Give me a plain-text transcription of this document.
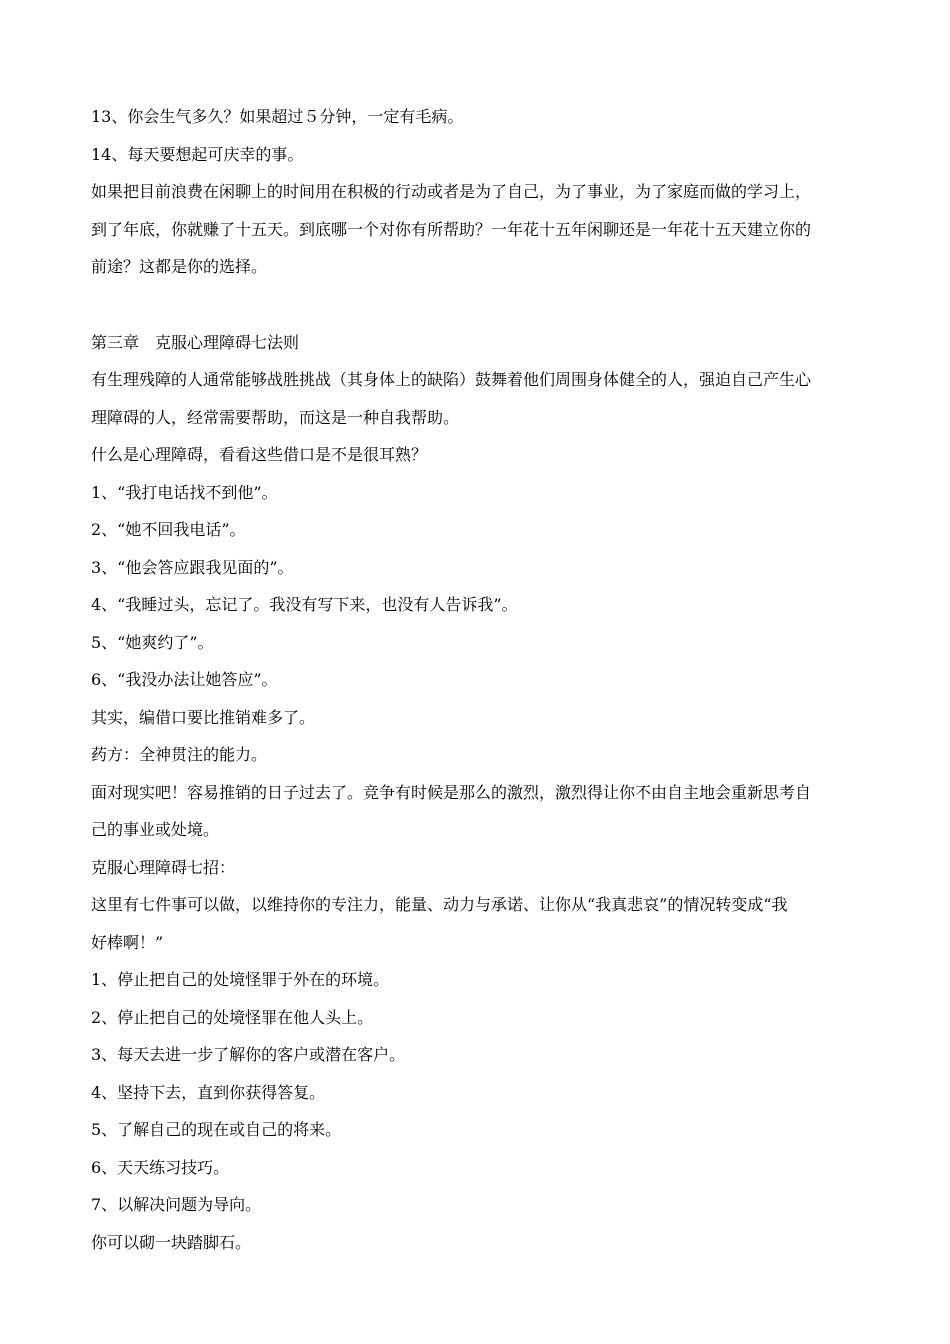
13、你会生气多久？如果超过５分钟，一定有毛病。
14、每天要想起可庆幸的事。
如果把目前浪费在闲聊上的时间用在积极的行动或者是为了自己，为了事业，为了家庭而做的学习上，
到了年底，你就赚了十五天。到底哪一个对你有所帮助？一年花十五年闲聊还是一年花十五天建立你的
前途？这都是你的选择。
第三章　克服心理障碍七法则
有生理残障的人通常能够战胜挑战（其身体上的缺陷）鼓舞着他们周围身体健全的人，强迫自己产生心
理障碍的人，经常需要帮助，而这是一种自我帮助。
什么是心理障碍，看看这些借口是不是很耳熟？
1、“我打电话找不到他”。
2、“她不回我电话”。
3、“他会答应跟我见面的”。
4、“我睡过头，忘记了。我没有写下来，也没有人告诉我”。
5、“她爽约了”。
6、“我没办法让她答应”。
其实，编借口要比推销难多了。
药方：全神贯注的能力。
面对现实吧！容易推销的日子过去了。竞争有时候是那么的激烈，激烈得让你不由自主地会重新思考自
己的事业或处境。
克服心理障碍七招：
这里有七件事可以做，以维持你的专注力，能量、动力与承诺、让你从“我真悲哀”的情况转变成“我
好棒啊！”
1、停止把自己的处境怪罪于外在的环境。
2、停止把自己的处境怪罪在他人头上。
3、每天去进一步了解你的客户或潜在客户。
4、坚持下去，直到你获得答复。
5、了解自己的现在或自己的将来。
6、天天练习技巧。
7、以解决问题为导向。
你可以砌一块踏脚石。
